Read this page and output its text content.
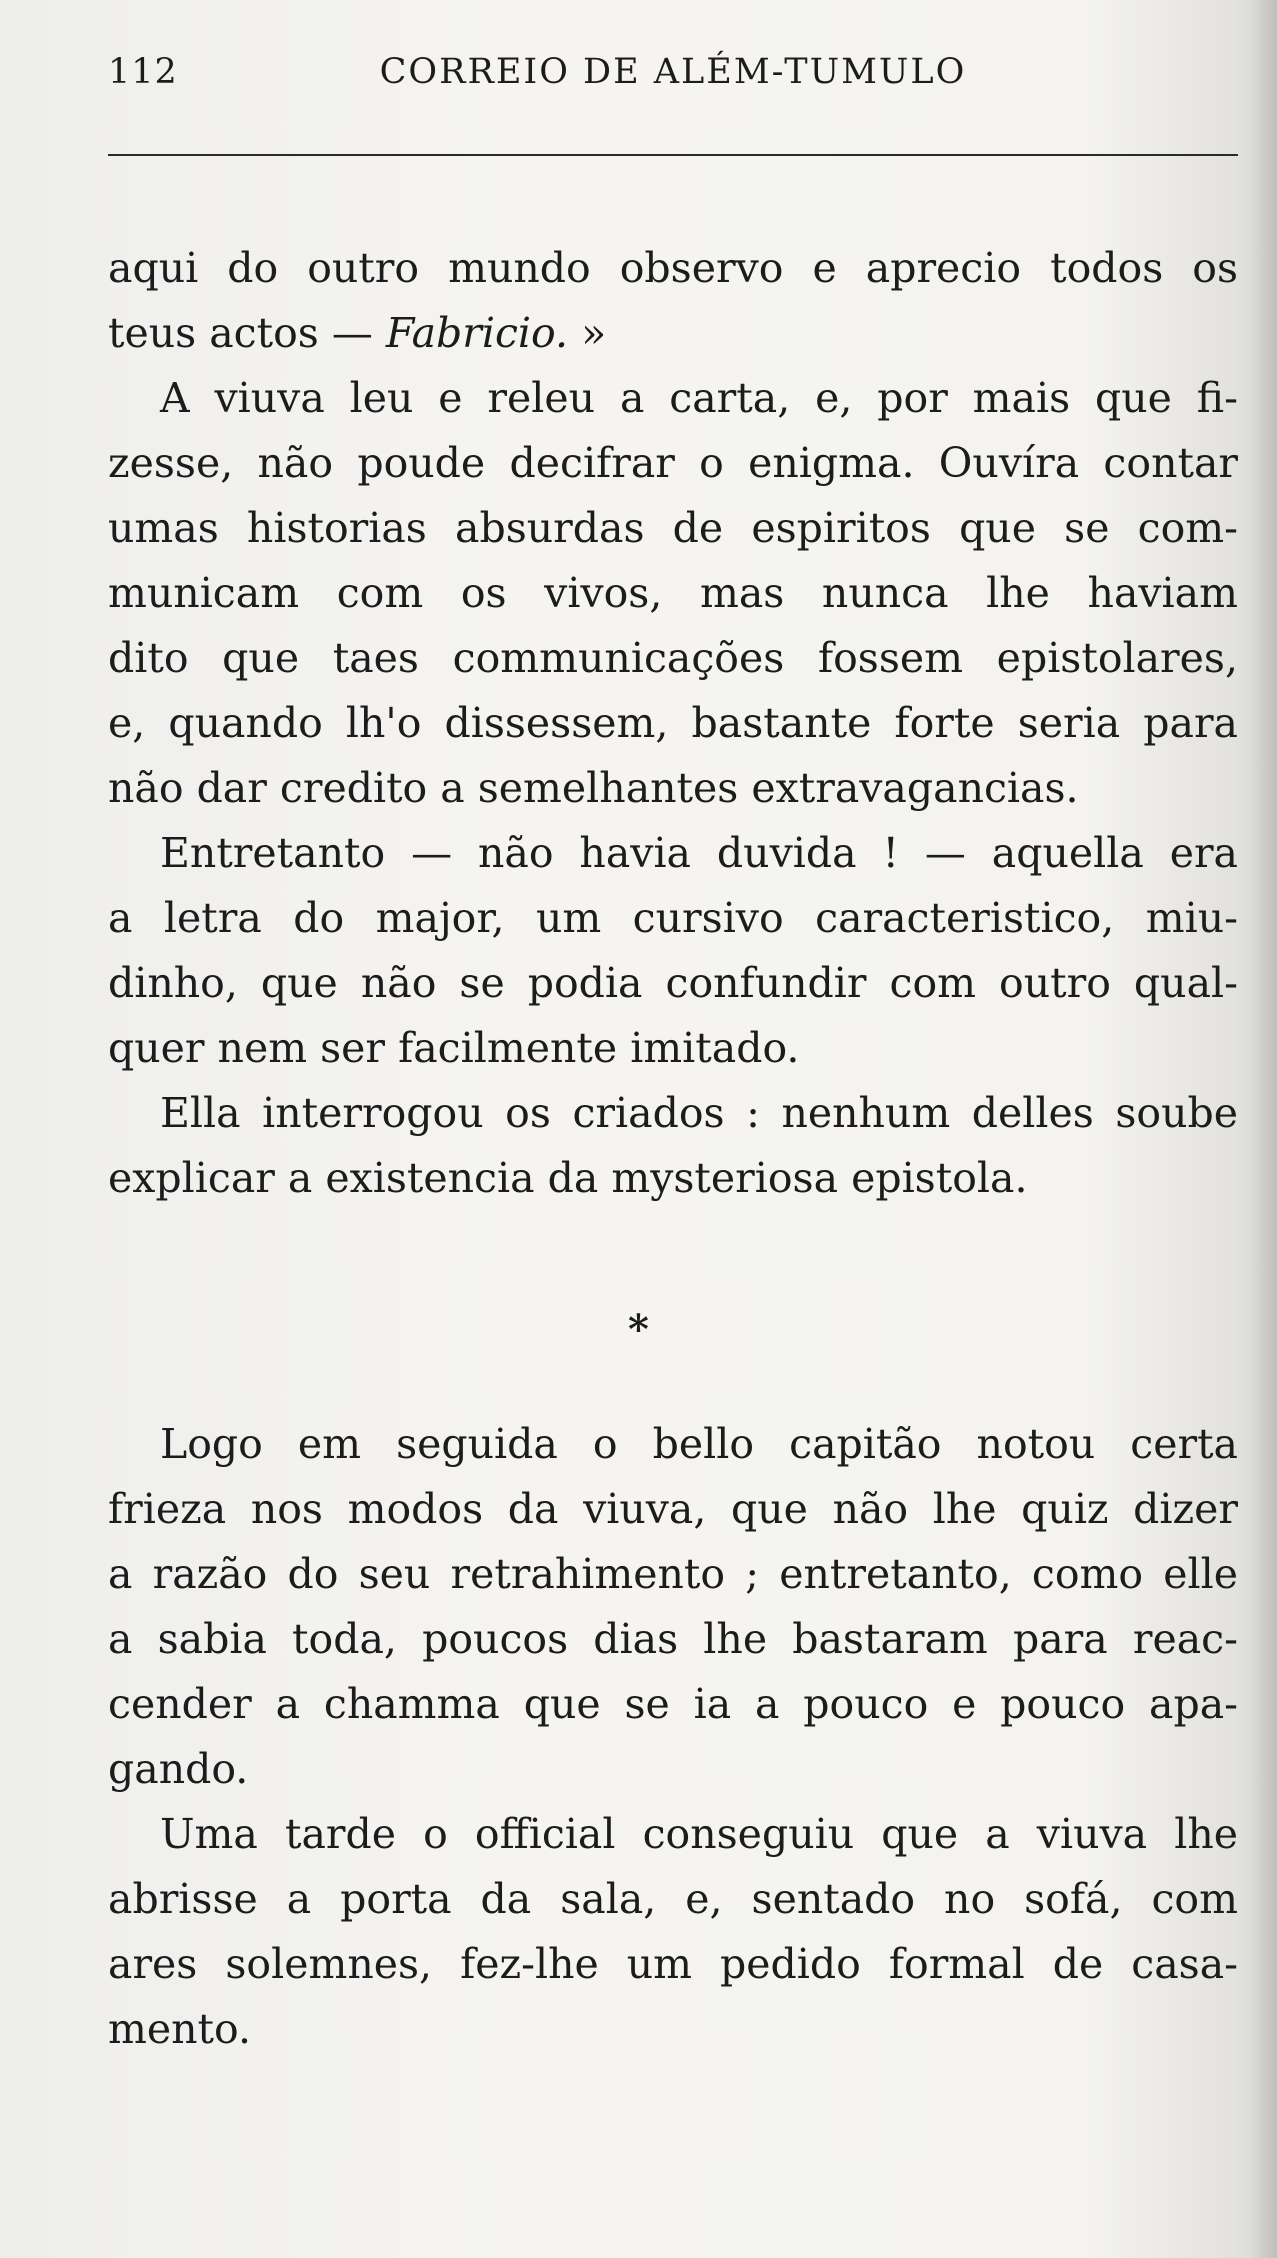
112	CORREIO DE ALÉM-TUMULO
aqui do outro mundo observo e aprecio todos os
teus actos — Fabricio. »
A viuva leu e releu a carta, e, por mais que fi-
zesse, não poude decifrar o enigma. Ouvíra contar
umas historias absurdas de espiritos que se com-
municam com os vivos, mas nunca lhe haviam
dito que taes communicações fossem epistolares,
e, quando lh'o dissessem, bastante forte seria para
não dar credito a semelhantes extravagancias.
Entretanto — não havia duvida ! — aquella era
a letra do major, um cursivo caracteristico, miu-
dinho, que não se podia confundir com outro qual-
quer nem ser facilmente imitado.
Ella interrogou os criados : nenhum delles soube
explicar a existencia da mysteriosa epistola.
*
Logo em seguida o bello capitão notou certa
frieza nos modos da viuva, que não lhe quiz dizer
a razão do seu retrahimento ; entretanto, como elle
a sabia toda, poucos dias lhe bastaram para reac-
cender a chamma que se ia a pouco e pouco apa-
gando.
Uma tarde o official conseguiu que a viuva lhe
abrisse a porta da sala, e, sentado no sofá, com
ares solemnes, fez-lhe um pedido formal de casa-
mento.
